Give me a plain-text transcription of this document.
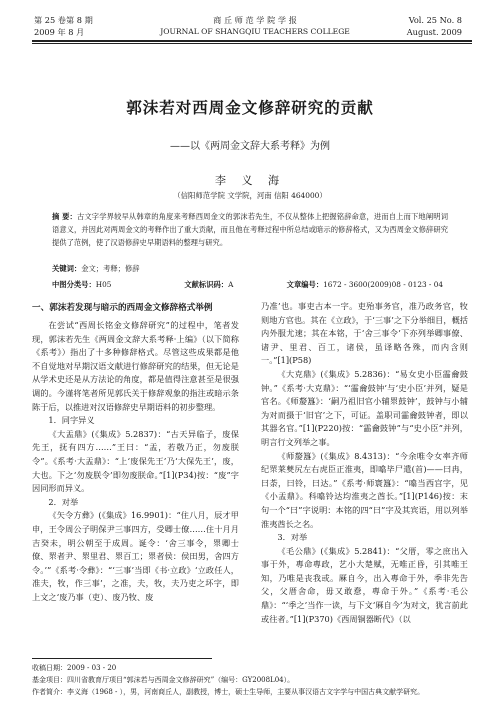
第 25 卷第 8 期
2009 年 8 月
商 丘 师 范 学 院 学 报
JOURNAL OF SHANGQIU TEACHERS COLLEGE
Vol. 25 No. 8
August. 2009
郭沫若对西周金文修辞研究的贡献
——以《两周金文辞大系考释》为例
李 义 海
（信阳师范学院 文学院，河南 信阳 464000）
摘 要：古文字学界较早从韩章的角度来考释西周金文的郭沫若先生，不仅从整体上把握铭辞命意，进而自上而下地阐明词语意义，并因此对两周金文的考释作出了重大贡献，而且他在考释过程中所总结或暗示的修辞格式，又为西周金文修辞研究提供了范例，使了汉语修辞史早期语料的整理与研究。
关键词：金文；考释；修辞
中图分类号：H05	文献标识码：A	文章编号：1672 - 3600(2009)08 - 0123 - 04
一、郭沫若发现与暗示的西周金文修辞格式举例

在尝试“西周长铭金文修辞研究”的过程中，笔者发现，郭沫若先生《两周金文辞大系考释·上编》（以下简称《系考》）指出了十多种修辞格式。尽管这些成果都是他不自觉地对早期汉语文献进行修辞研究的结果，但无论是从学术史还是从方法论的角度，都是值得注意甚至是很强调的。今谨将笔者所见郭氏关于修辞观象的指注或暗示条陈于后，以推进对汉语修辞史早期语料的初步整理。

1．同字异义

《大盂鼎》(《集成》5.2837)：“古天异临子，废保先王，抚有四方……”王曰：“盂，若敬乃正，勿废朕令”。《系考·大盂鼎》：“上‘废保先王’乃‘大保先王’，废，大也。下之‘勿废朕令’即勿废朕命。”[1](P34)按：“废”字因同形而异义。

2．对举

《矢令方彝》(《集成》16.9901)：“住八月，辰才甲申，王令周公子明保尹三事四方，受卿士僚……住十月月吉癸未，明公朝至于成周。诞令：‘舍三事令，眔卿士僚、眔者尹、眔里君、眔百工；眔者侯：侯田男，舍四方令。’”《系考·令彝》：“‘三事’当即《书·立政》‘立政任人，准夫，牧，作三事’，之准，夫，牧，夫乃吏之坏字，即上文之‘废乃事（吏）、废乃牧、废

乃准’也。事吏古本一字。吏殆事务官，准乃政务官，牧则地方官也。其在《立政》，于‘三事’之下分举细目，概括内外服尤速；其在本铭，于‘舍三事令’下亦列举卿事僚、诸尹、里君、百工，诸侯，虽译略各殊，而内含则一。”[1](P58)

《大克鼎》(《集成》5.2836)：“易女史小臣霝龠鼓钟。”《系考·大克鼎》：“‘霝龠鼓钟’与‘史小臣’并列，疑是官名。《师嫠簋》：‘嗣乃祖旧官小辅眔鼓钟’，鼓钟与小辅为对而摄于‘旧官’之下，可证。盖职司霝龠鼓钟者，即以其器名官。”[1](P220)按：“霝龠鼓钟”与“史小臣”并列，明言行文列举之事。

《师嫠簋》(《集成》8.4313)：“今余唯令女率齐师纪眔莱僰尻左右虎臣正淮夷，即噏毕尸遣(首)——曰冉，曰荼，曰铃，曰达。”《系考·师寰簋》：“噏当西宫字，见《小盂鼎》。科噏铃达均淮夷之酋长。”[1](P146)按：末句一个“曰”字说明：本铭的四“曰”字及其宾语，用以列举淮夷酋长之名。

3．对举

《毛公鼎》(《集成》5.2841)：“父厝，零之庶出入事于外，專命專政，艺小大楚赋，无唯正昏，引其唯王知，乃唯是丧我或。厤自今，出入專命于外，季非先告父，父厝舍命，毋又敢惷，專命于外。”《系考·毛公鼎》：“‘季之’当作一读，与下文‘厤自今’为对文，犹言前此或往者。”[1](P370)《西周铜器断代》（以

收稿日期：2009 - 03 - 20
基金项目：四川省教育厅项目“郭沫若与西周金文修辞研究”（编号：GY2008L04）。
作者简介：李义海（1968 - ），男，河南商丘人，副教授，博士，硕士生导师，主要从事汉语古文字学与中国古典文献学研究。
